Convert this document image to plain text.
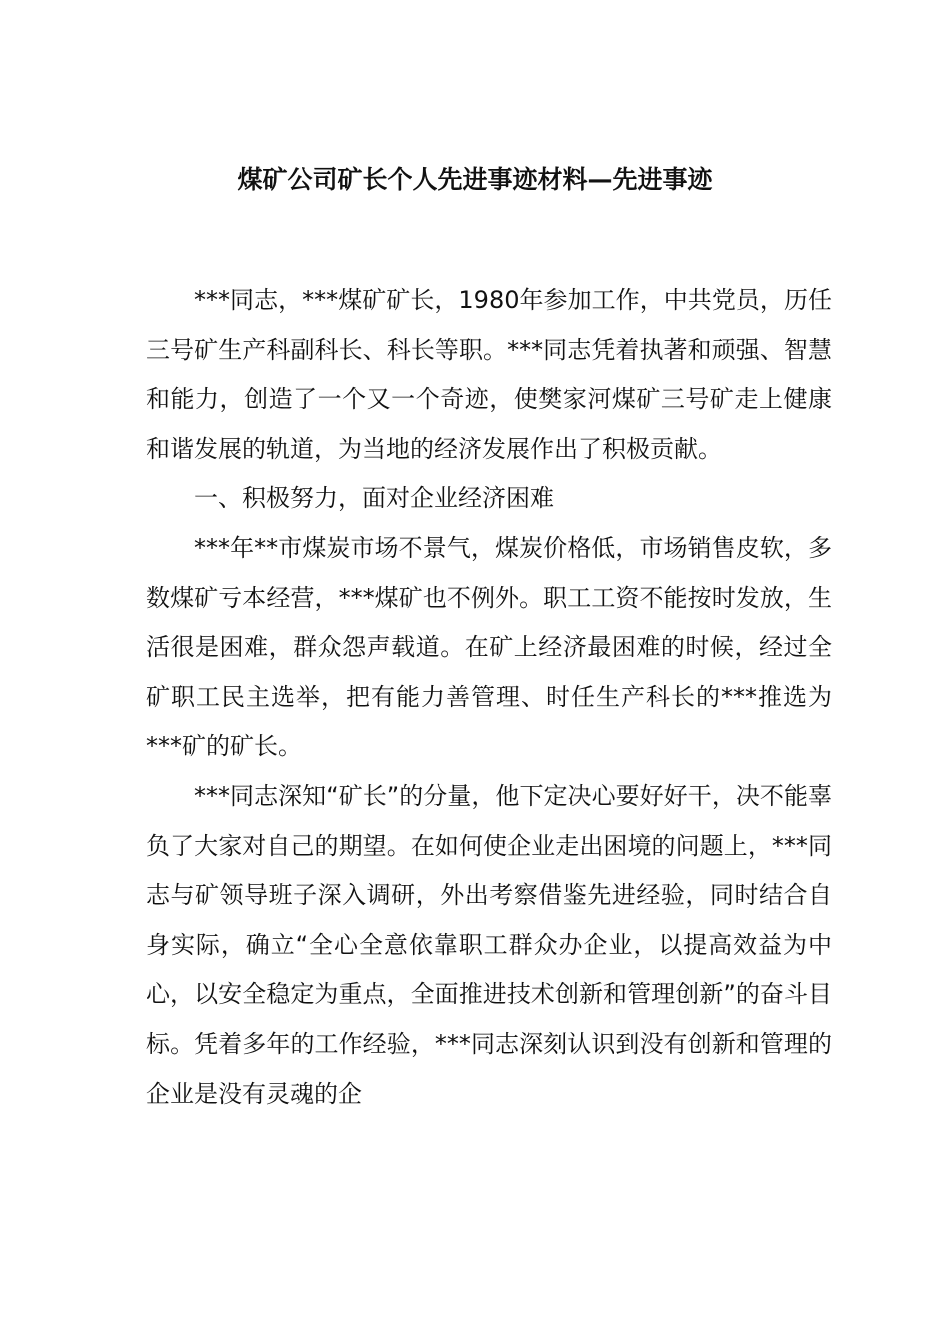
煤矿公司矿长个人先进事迹材料—先进事迹

***同志，***煤矿矿长，1980年参加工作，中共党员，历任三号矿生产科副科长、科长等职。***同志凭着执著和顽强、智慧和能力，创造了一个又一个奇迹，使樊家河煤矿三号矿走上健康和谐发展的轨道，为当地的经济发展作出了积极贡献。

一、积极努力，面对企业经济困难

***年**市煤炭市场不景气，煤炭价格低，市场销售皮软，多数煤矿亏本经营，***煤矿也不例外。职工工资不能按时发放，生活很是困难，群众怨声载道。在矿上经济最困难的时候，经过全矿职工民主选举，把有能力善管理、时任生产科长的***推选为***矿的矿长。

***同志深知“矿长”的分量，他下定决心要好好干，决不能辜负了大家对自己的期望。在如何使企业走出困境的问题上，***同志与矿领导班子深入调研，外出考察借鉴先进经验，同时结合自身实际，确立“全心全意依靠职工群众办企业，以提高效益为中心，以安全稳定为重点，全面推进技术创新和管理创新”的奋斗目标。凭着多年的工作经验，***同志深刻认识到没有创新和管理的企业是没有灵魂的企
